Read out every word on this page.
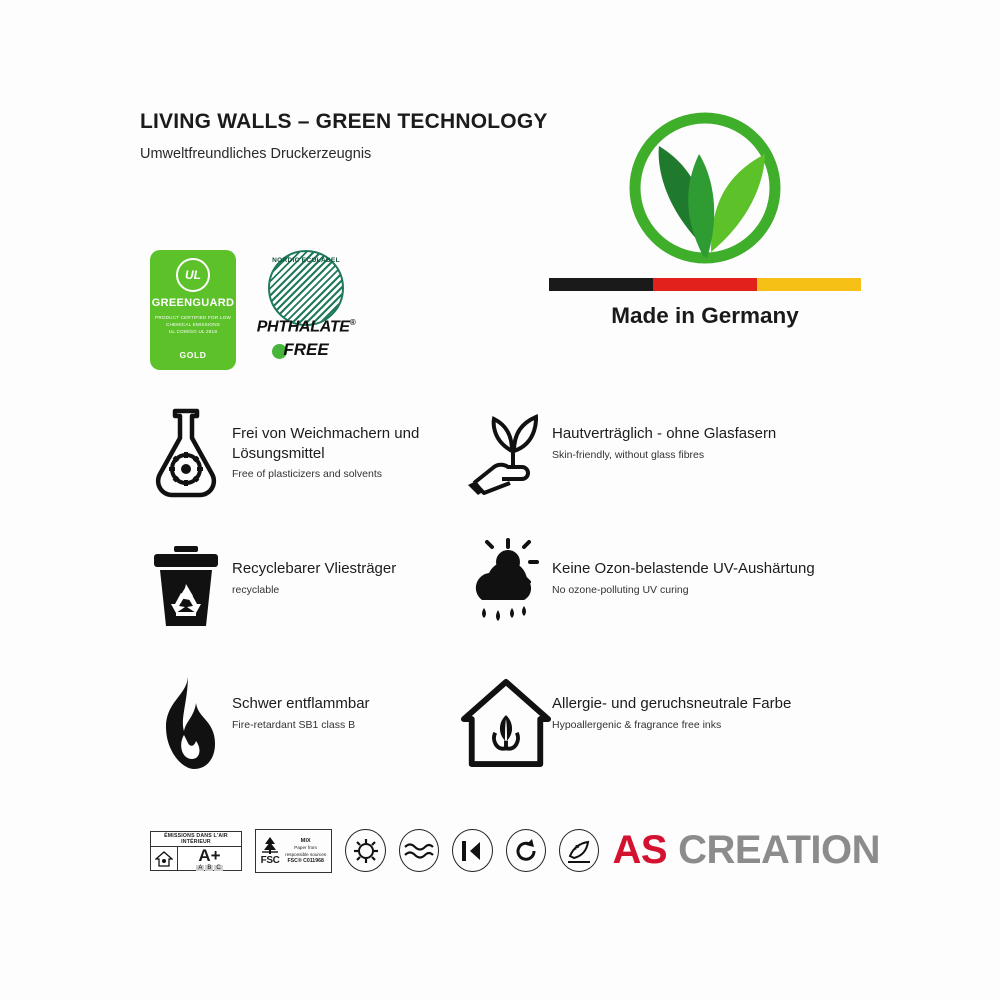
LIVING WALLS – GREEN TECHNOLOGY
Umweltfreundliches Druckerzeugnis
UL
GREENGUARD
PRODUCT CERTIFIED FOR LOW CHEMICAL EMISSIONS UL.COM/GG UL 2818
GOLD
NORDIC ECOLABEL
PHTHALATE®
FREE
Made in Germany
Frei von Weichmachern und Lösungsmittel
Free of plasticizers and solvents
Hautverträglich - ohne Glasfasern
Skin-friendly, without glass fibres
Recyclebarer Vliesträger
recyclable
Keine Ozon-belastende UV-Aushärtung
No ozone-polluting UV curing
Schwer entflammbar
Fire-retardant SB1 class B
Allergie- und geruchsneutrale Farbe
Hypoallergenic & fragrance free inks
ÉMISSIONS DANS L'AIR INTÉRIEUR
A+
A B C
FSC
MIX
Paper from
responsible sources
FSC® C011968
P AS CREATION
